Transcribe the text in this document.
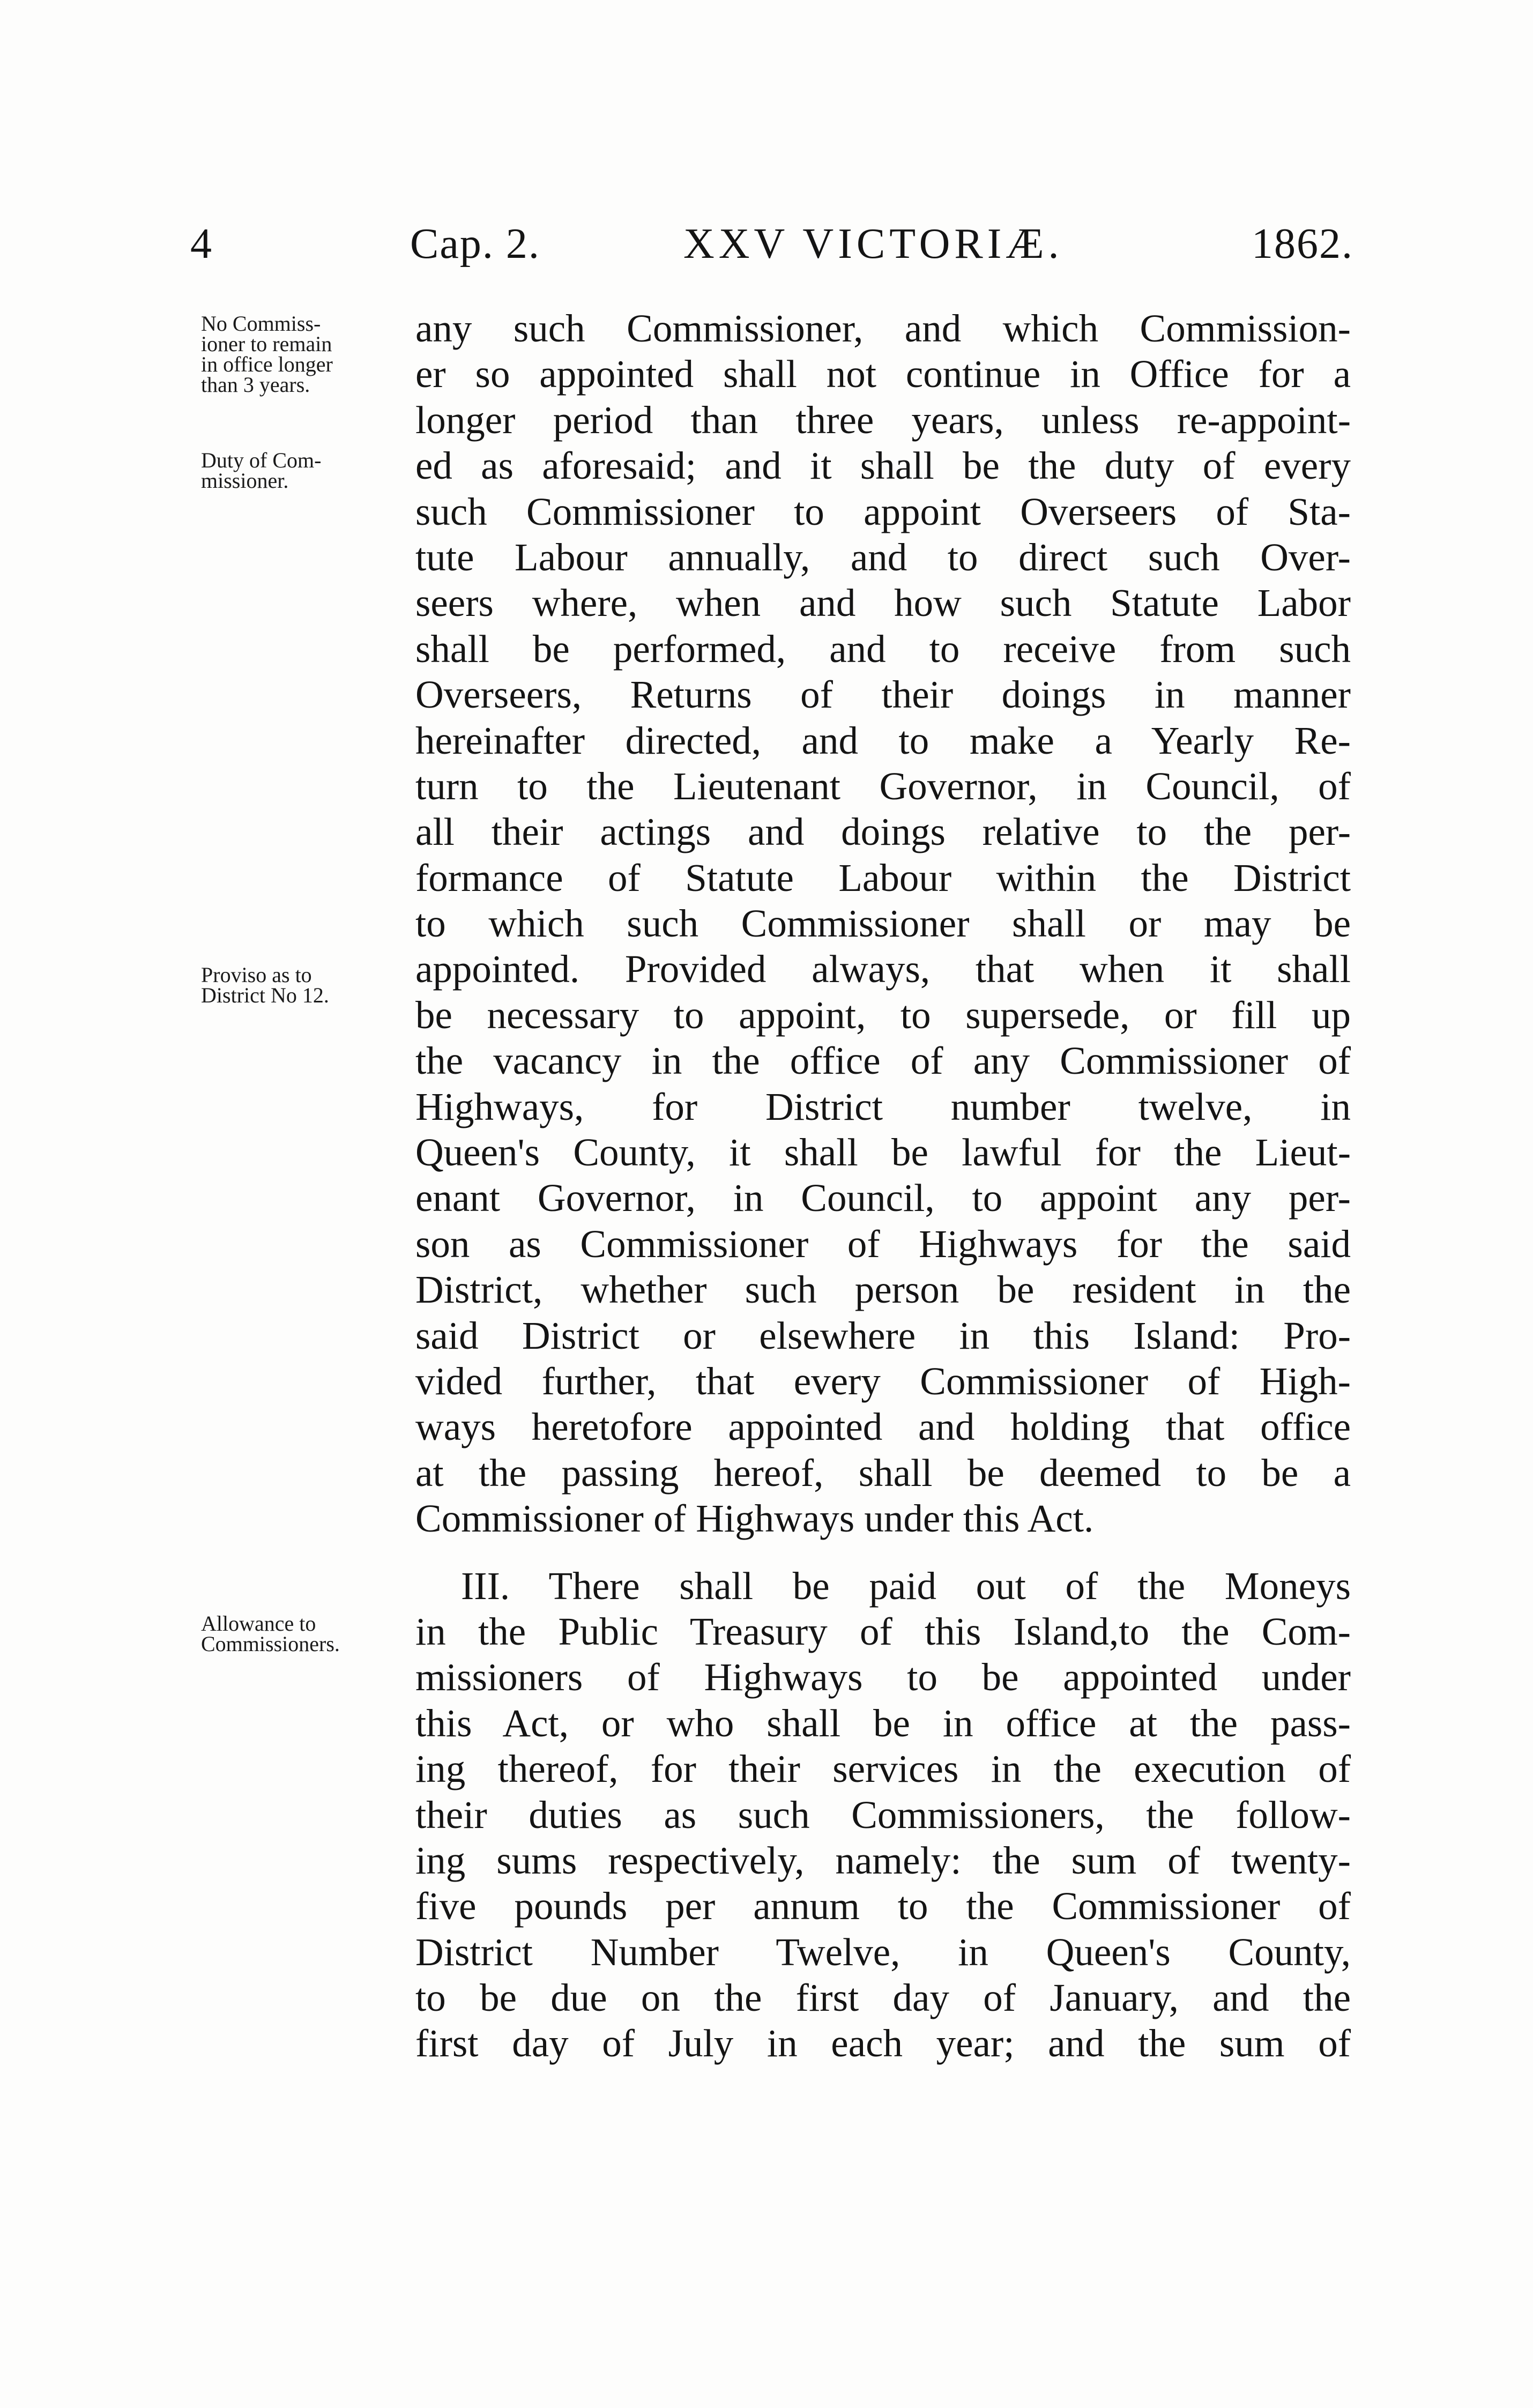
4	Cap. 2.	XXV VICTORIÆ.	1862.
No Commiss-
ioner to remain
in office longer
than 3 years.
Duty of Com-
missioner.
Proviso as to
District No 12.
Allowance to
Commissioners.
any such Commissioner, and which Commission-
er so appointed shall not continue in Office for a
longer period than three years, unless re-appoint-
ed as aforesaid; and it shall be the duty of every
such Commissioner to appoint Overseers of Sta-
tute Labour annually, and to direct such Over-
seers where, when and how such Statute Labor
shall be performed, and to receive from such
Overseers, Returns of their doings in manner
hereinafter directed, and to make a Yearly Re-
turn to the Lieutenant Governor, in Council, of
all their actings and doings relative to the per-
formance of Statute Labour within the District
to which such Commissioner shall or may be
appointed. Provided always, that when it shall
be necessary to appoint, to supersede, or fill up
the vacancy in the office of any Commissioner of
Highways, for District number twelve, in
Queen's County, it shall be lawful for the Lieut-
enant Governor, in Council, to appoint any per-
son as Commissioner of Highways for the said
District, whether such person be resident in the
said District or elsewhere in this Island: Pro-
vided further, that every Commissioner of High-
ways heretofore appointed and holding that office
at the passing hereof, shall be deemed to be a
Commissioner of Highways under this Act.
III. There shall be paid out of the Moneys
in the Public Treasury of this Island,to the Com-
missioners of Highways to be appointed under
this Act, or who shall be in office at the pass-
ing thereof, for their services in the execution of
their duties as such Commissioners, the follow-
ing sums respectively, namely: the sum of twenty-
five pounds per annum to the Commissioner of
District Number Twelve, in Queen's County,
to be due on the first day of January, and the
first day of July in each year; and the sum of
